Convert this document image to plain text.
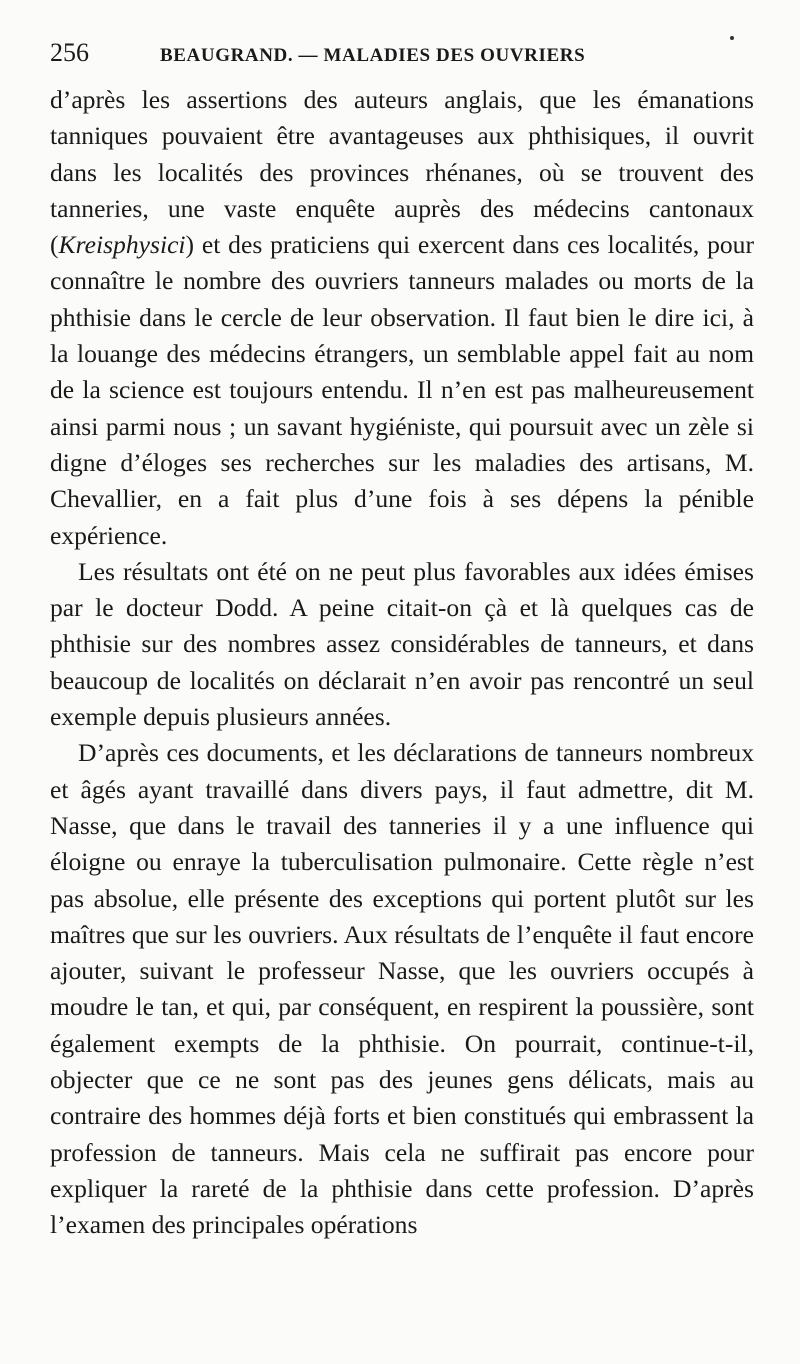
256	BEAUGRAND. — MALADIES DES OUVRIERS

d’après les assertions des auteurs anglais, que les émanations tanniques pouvaient être avantageuses aux phthisiques, il ouvrit dans les localités des provinces rhénanes, où se trouvent des tanneries, une vaste enquête auprès des médecins cantonaux (Kreisphysici) et des praticiens qui exercent dans ces localités, pour connaître le nombre des ouvriers tanneurs malades ou morts de la phthisie dans le cercle de leur observation. Il faut bien le dire ici, à la louange des médecins étrangers, un semblable appel fait au nom de la science est toujours entendu. Il n’en est pas malheureusement ainsi parmi nous ; un savant hygiéniste, qui poursuit avec un zèle si digne d’éloges ses recherches sur les maladies des artisans, M. Chevallier, en a fait plus d’une fois à ses dépens la pénible expérience.

Les résultats ont été on ne peut plus favorables aux idées émises par le docteur Dodd. A peine citait-on çà et là quelques cas de phthisie sur des nombres assez considérables de tanneurs, et dans beaucoup de localités on déclarait n’en avoir pas rencontré un seul exemple depuis plusieurs années.

D’après ces documents, et les déclarations de tanneurs nombreux et âgés ayant travaillé dans divers pays, il faut admettre, dit M. Nasse, que dans le travail des tanneries il y a une influence qui éloigne ou enraye la tuberculisation pulmonaire. Cette règle n’est pas absolue, elle présente des exceptions qui portent plutôt sur les maîtres que sur les ouvriers. Aux résultats de l’enquête il faut encore ajouter, suivant le professeur Nasse, que les ouvriers occupés à moudre le tan, et qui, par conséquent, en respirent la poussière, sont également exempts de la phthisie. On pourrait, continue-t-il, objecter que ce ne sont pas des jeunes gens délicats, mais au contraire des hommes déjà forts et bien constitués qui embrassent la profession de tanneurs. Mais cela ne suffirait pas encore pour expliquer la rareté de la phthisie dans cette profession. D’après l’examen des principales opérations
